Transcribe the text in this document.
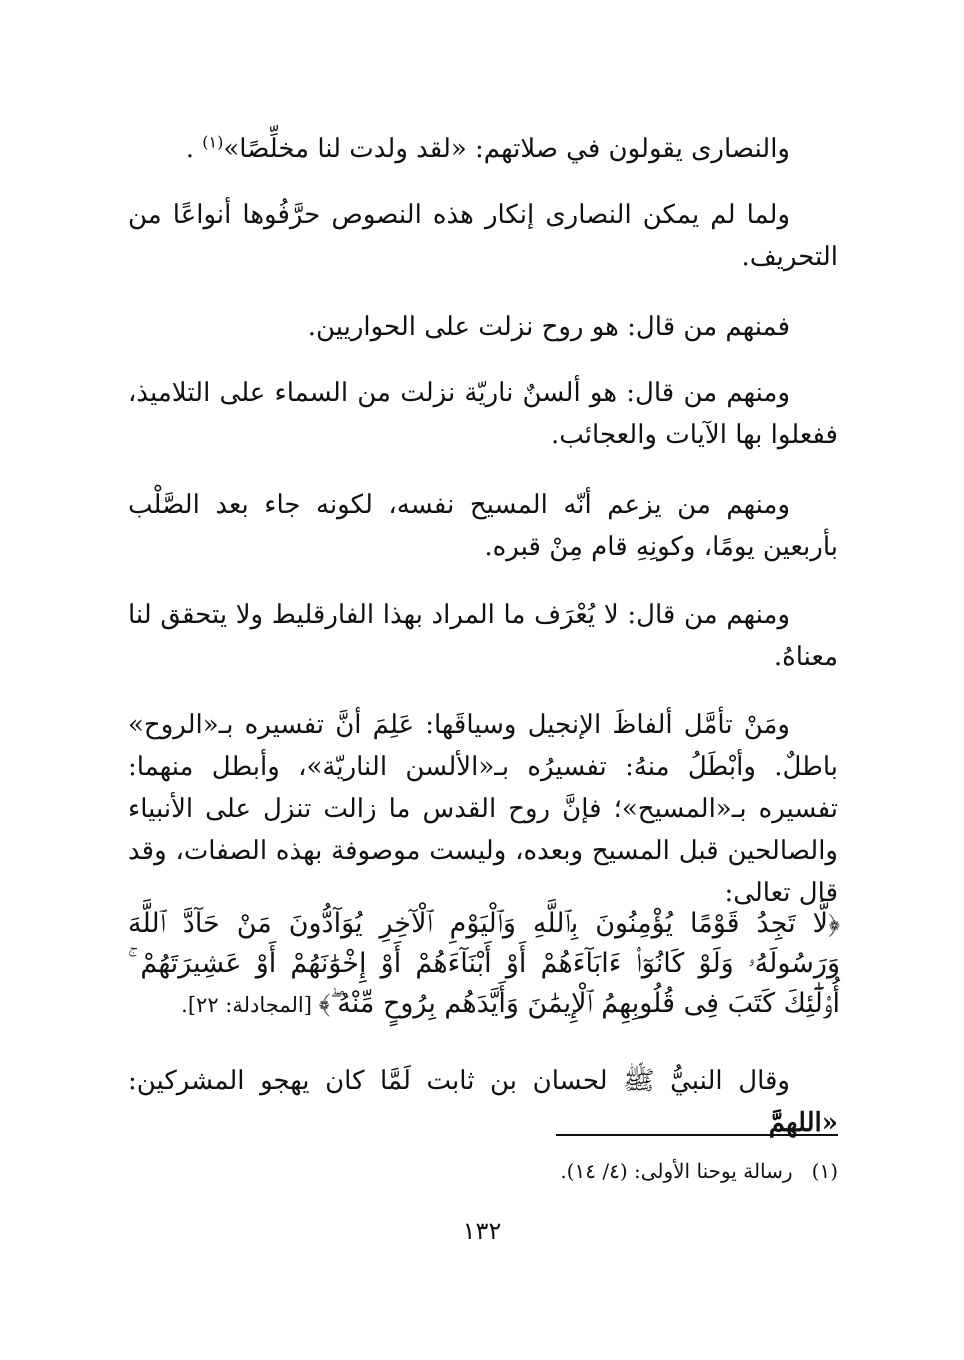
والنصارى يقولون في صلاتهم: «لقد ولدت لنا مخلِّصًا»$^{(١)}$ .

ولما لم يمكن النصارى إنكار هذه النصوص حرَّفُوها أنواعًا من التحريف.

فمنهم من قال: هو روح نزلت على الحواريين.

ومنهم من قال: هو ألسنٌ ناريّة نزلت من السماء على التلاميذ، ففعلوا بها الآيات والعجائب.

ومنهم من يزعم أنّه المسيح نفسه، لكونه جاء بعد الصَّلْب بأربعين يومًا، وكونِهِ قام مِنْ قبره.

ومنهم من قال: لا يُعْرَف ما المراد بهذا الفارقليط ولا يتحقق لنا معناهُ.

ومَنْ تأمَّل ألفاظَ الإنجيل وسياقَها: عَلِمَ أنَّ تفسيره بـ«الروح» باطلٌ. وأبْطَلُ منهُ: تفسيرُه بـ«الألسن الناريّة»، وأبطل منهما: تفسيره بـ«المسيح»؛ فإنَّ روح القدس ما زالت تنزل على الأنبياء والصالحين قبل المسيح وبعده، وليست موصوفة بهذه الصفات، وقد قال تعالى:

﴿لَّا تَجِدُ قَوْمًا يُؤْمِنُونَ بِٱللَّهِ وَٱلْيَوْمِ ٱلْآخِرِ يُوَآدُّونَ مَنْ حَآدَّ ٱللَّهَ وَرَسُولَهُۥ وَلَوْ كَانُوٓا۟ ءَابَآءَهُمْ أَوْ أَبْنَآءَهُمْ أَوْ إِخْوَٰنَهُمْ أَوْ عَشِيرَتَهُمْ ۚ أُو۟لَٰٓئِكَ كَتَبَ فِى قُلُوبِهِمُ ٱلْإِيمَٰنَ وَأَيَّدَهُم بِرُوحٍ مِّنْهُ ۖ﴾ [المجادلة: ٢٢].

وقال النبيُّ ﷺ لحسان بن ثابت لَمَّا كان يهجو المشركين: «اللهمَّ

(١)   رسالة يوحنا الأولى: (٤/ ١٤).

١٣٢
